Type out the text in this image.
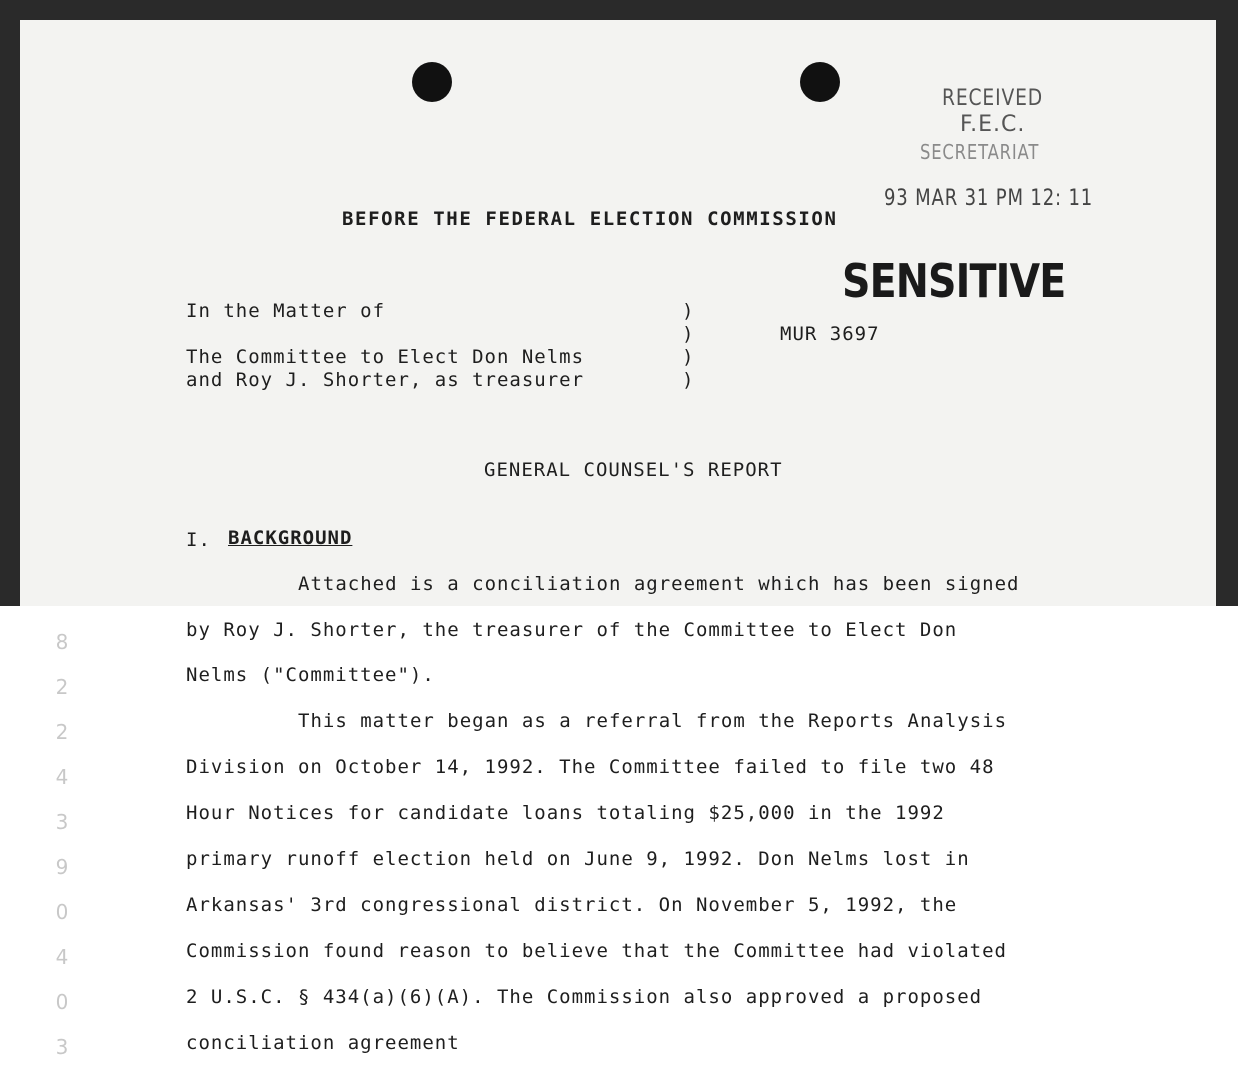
RECEIVED
F.E.C.
SECRETARIAT
93 MAR 31 PM 12: 11
BEFORE THE FEDERAL ELECTION COMMISSION
SENSITIVE
In the Matter of
The Committee to Elect Don Nelms
and Roy J. Shorter, as treasurer
)
)
)
)
MUR 3697
GENERAL COUNSEL'S REPORT
I. BACKGROUND
Attached is a conciliation agreement which has been signed
by Roy J. Shorter, the treasurer of the Committee to Elect Don
Nelms ("Committee").
This matter began as a referral from the Reports Analysis
Division on October 14, 1992. The Committee failed to file two 48
Hour Notices for candidate loans totaling $25,000 in the 1992
primary runoff election held on June 9, 1992. Don Nelms lost in
Arkansas' 3rd congressional district. On November 5, 1992, the
Commission found reason to believe that the Committee had violated
2 U.S.C. § 434(a)(6)(A). The Commission also approved a proposed
conciliation agreement
8
2
2
4
3
9
0
4
0
3
